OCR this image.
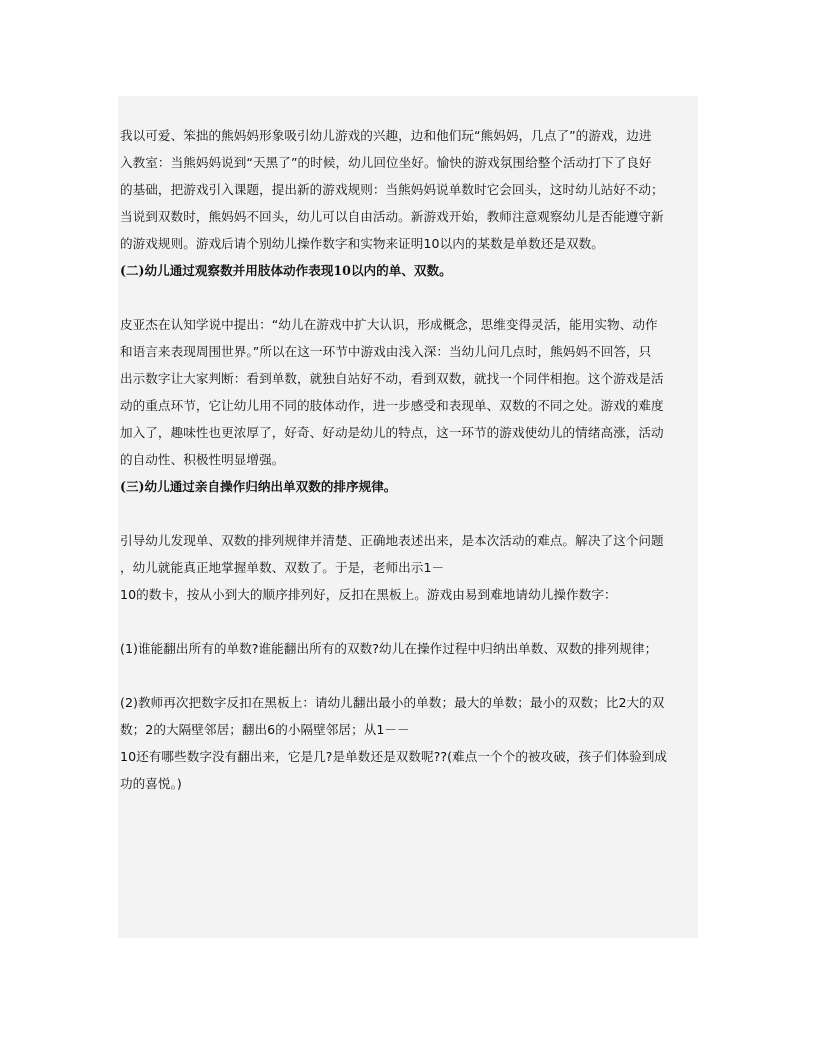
我以可爱、笨拙的熊妈妈形象吸引幼儿游戏的兴趣，边和他们玩“熊妈妈，几点了”的游戏，边进
入教室：当熊妈妈说到“天黑了”的时候，幼儿回位坐好。愉快的游戏氛围给整个活动打下了良好
的基础，把游戏引入课题，提出新的游戏规则：当熊妈妈说单数时它会回头，这时幼儿站好不动；
当说到双数时，熊妈妈不回头，幼儿可以自由活动。新游戏开始，教师注意观察幼儿是否能遵守新
的游戏规则。游戏后请个别幼儿操作数字和实物来证明10以内的某数是单数还是双数。

(二)幼儿通过观察数并用肢体动作表现10以内的单、双数。

皮亚杰在认知学说中提出：“幼儿在游戏中扩大认识，形成概念，思维变得灵活，能用实物、动作
和语言来表现周围世界。”所以在这一环节中游戏由浅入深：当幼儿问几点时，熊妈妈不回答，只
出示数字让大家判断：看到单数，就独自站好不动，看到双数，就找一个同伴相抱。这个游戏是活
动的重点环节，它让幼儿用不同的肢体动作，进一步感受和表现单、双数的不同之处。游戏的难度
加入了，趣味性也更浓厚了，好奇、好动是幼儿的特点，这一环节的游戏使幼儿的情绪高涨，活动
的自动性、积极性明显增强。

(三)幼儿通过亲自操作归纳出单双数的排序规律。

引导幼儿发现单、双数的排列规律并清楚、正确地表述出来，是本次活动的难点。解决了这个问题
，幼儿就能真正地掌握单数、双数了。于是，老师出示1－
10的数卡，按从小到大的顺序排列好，反扣在黑板上。游戏由易到难地请幼儿操作数字：

(1)谁能翻出所有的单数?谁能翻出所有的双数?幼儿在操作过程中归纳出单数、双数的排列规律；

(2)教师再次把数字反扣在黑板上：请幼儿翻出最小的单数；最大的单数；最小的双数；比2大的双
数；2的大隔壁邻居；翻出6的小隔壁邻居；从1－－
10还有哪些数字没有翻出来，它是几?是单数还是双数呢??(难点一个个的被攻破，孩子们体验到成
功的喜悦。)
